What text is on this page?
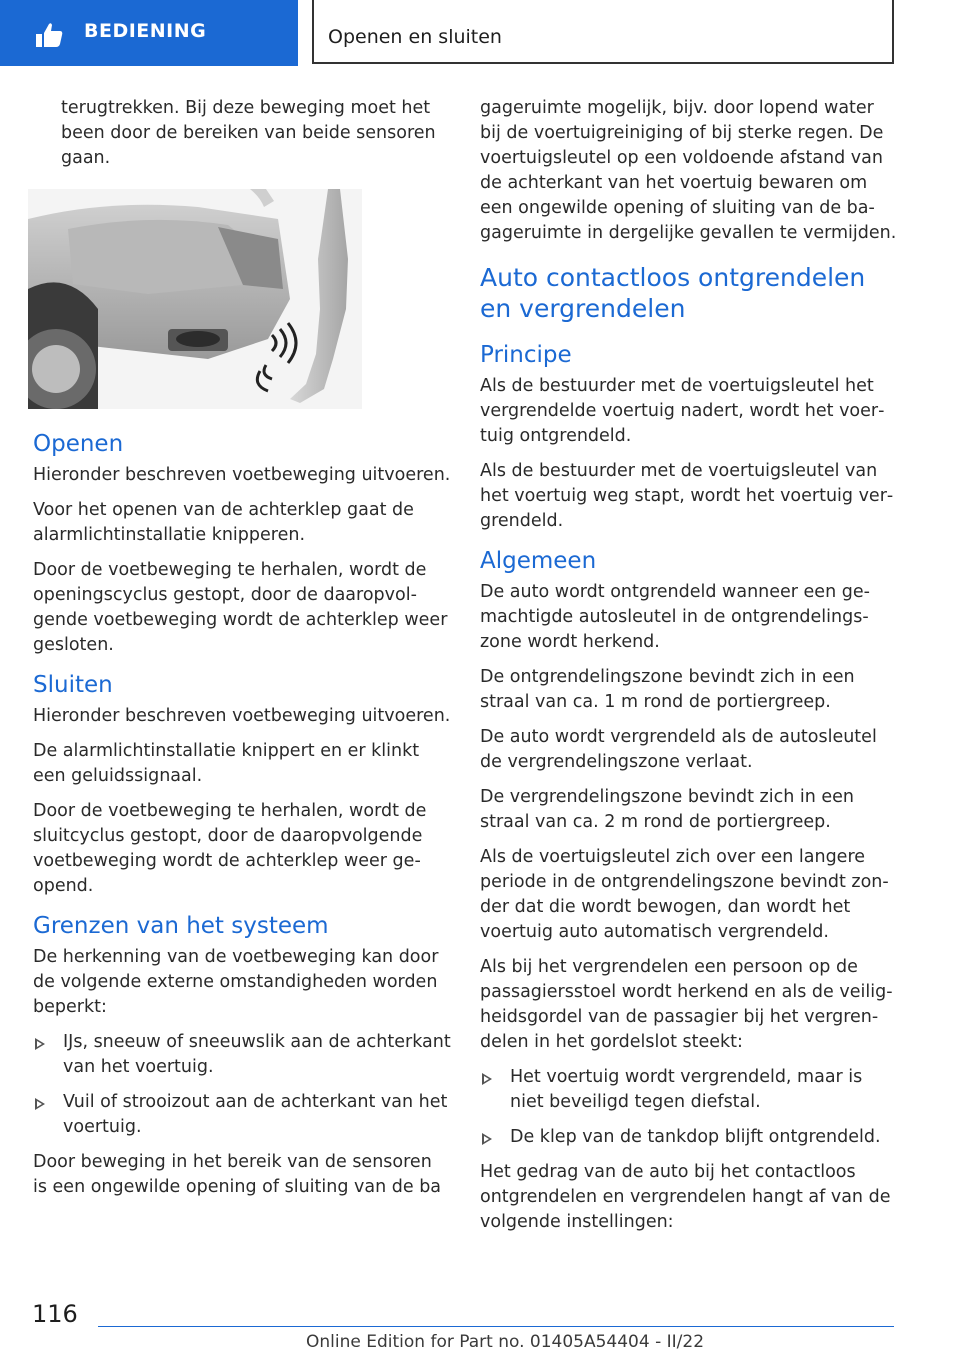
BEDIENING	Openen en sluiten

terugtrekken. Bij deze beweging moet het been door de bereiken van beide sensoren gaan.

Openen

Hieronder beschreven voetbeweging uitvoeren.

Voor het openen van de achterklep gaat de alarmlichtinstallatie knipperen.

Door de voetbeweging te herhalen, wordt de openingscyclus gestopt, door de daaropvolgende voetbeweging wordt de achterklep weer gesloten.

Sluiten

Hieronder beschreven voetbeweging uitvoeren.

De alarmlichtinstallatie knippert en er klinkt een geluidssignaal.

Door de voetbeweging te herhalen, wordt de sluitcyclus gestopt, door de daaropvolgende voetbeweging wordt de achterklep weer geopend.

Grenzen van het systeem

De herkenning van de voetbeweging kan door de volgende externe omstandigheden worden beperkt:

IJs, sneeuw of sneeuwslik aan de achterkant van het voertuig.

Vuil of strooizout aan de achterkant van het voertuig.

Door beweging in het bereik van de sensoren is een ongewilde opening of sluiting van de ba

gageruimte mogelijk, bijv. door lopend water bij de voertuigreiniging of bij sterke regen. De voertuigsleutel op een voldoende afstand van de achterkant van het voertuig bewaren om een ongewilde opening of sluiting van de bagageruimte in dergelijke gevallen te vermijden.

Auto contactloos ontgrendelen en vergrendelen
Principe

Als de bestuurder met de voertuigsleutel het vergrendelde voertuig nadert, wordt het voertuig ontgrendeld.

Als de bestuurder met de voertuigsleutel van het voertuig weg stapt, wordt het voertuig vergrendeld.

Algemeen

De auto wordt ontgrendeld wanneer een gemachtigde autosleutel in de ontgrendelingszone wordt herkend.

De ontgrendelingszone bevindt zich in een straal van ca. 1 m rond de portiergreep.

De auto wordt vergrendeld als de autosleutel de vergrendelingszone verlaat.

De vergrendelingszone bevindt zich in een straal van ca. 2 m rond de portiergreep.

Als de voertuigsleutel zich over een langere periode in de ontgrendelingszone bevindt zonder dat die wordt bewogen, dan wordt het voertuig auto automatisch vergrendeld.

Als bij het vergrendelen een persoon op de passagiersstoel wordt herkend en als de veiligheidsgordel van de passagier bij het vergrendelen in het gordelslot steekt:

Het voertuig wordt vergrendeld, maar is niet beveiligd tegen diefstal.

De klep van de tankdop blijft ontgrendeld.

Het gedrag van de auto bij het contactloos ontgrendelen en vergrendelen hangt af van de volgende instellingen:

116
Online Edition for Part no. 01405A54404 - II/22
